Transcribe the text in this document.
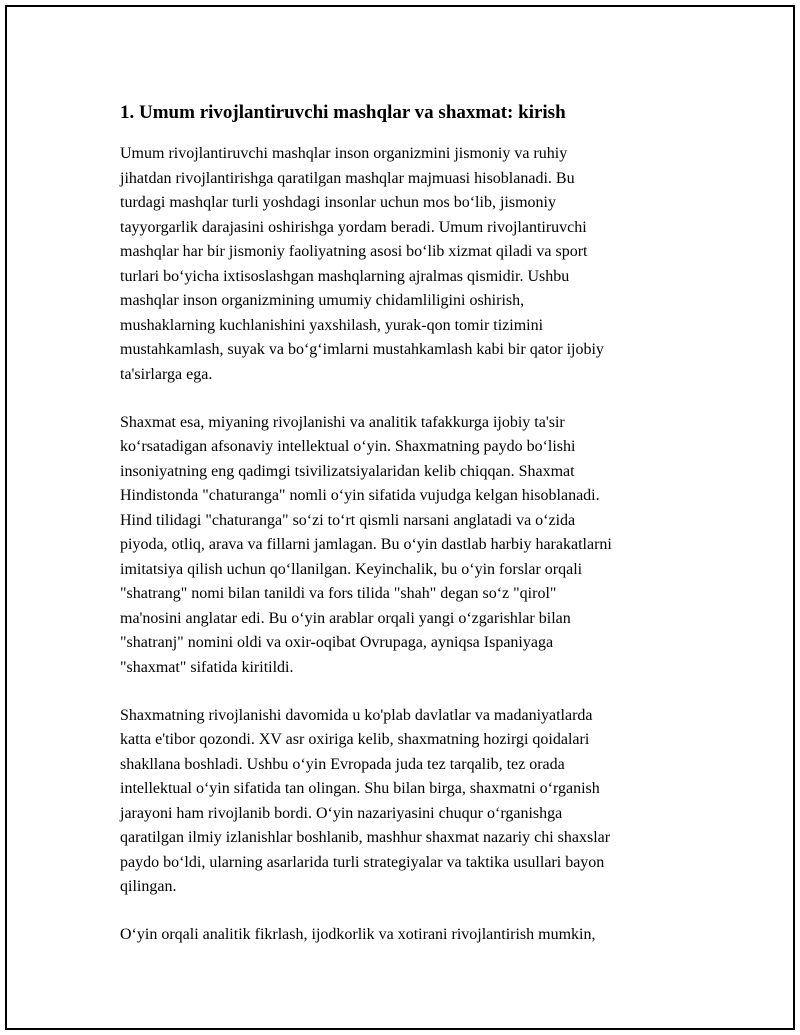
1. Umum rivojlantiruvchi mashqlar va shaxmat: kirish

Umum rivojlantiruvchi mashqlar inson organizmini jismoniy va ruhiy
jihatdan rivojlantirishga qaratilgan mashqlar majmuasi hisoblanadi. Bu
turdagi mashqlar turli yoshdagi insonlar uchun mos bo‘lib, jismoniy
tayyorgarlik darajasini oshirishga yordam beradi. Umum rivojlantiruvchi
mashqlar har bir jismoniy faoliyatning asosi bo‘lib xizmat qiladi va sport
turlari bo‘yicha ixtisoslashgan mashqlarning ajralmas qismidir. Ushbu
mashqlar inson organizmining umumiy chidamliligini oshirish,
mushaklarning kuchlanishini yaxshilash, yurak-qon tomir tizimini
mustahkamlash, suyak va bo‘g‘imlarni mustahkamlash kabi bir qator ijobiy
ta'sirlarga ega.

Shaxmat esa, miyaning rivojlanishi va analitik tafakkurga ijobiy ta'sir
ko‘rsatadigan afsonaviy intellektual o‘yin. Shaxmatning paydo bo‘lishi
insoniyatning eng qadimgi tsivilizatsiyalaridan kelib chiqqan. Shaxmat
Hindistonda "chaturanga" nomli o‘yin sifatida vujudga kelgan hisoblanadi.
Hind tilidagi "chaturanga" so‘zi to‘rt qismli narsani anglatadi va o‘zida
piyoda, otliq, arava va fillarni jamlagan. Bu o‘yin dastlab harbiy harakatlarni
imitatsiya qilish uchun qo‘llanilgan. Keyinchalik, bu o‘yin forslar orqali
"shatrang" nomi bilan tanildi va fors tilida "shah" degan so‘z "qirol"
ma'nosini anglatar edi. Bu o‘yin arablar orqali yangi o‘zgarishlar bilan
"shatranj" nomini oldi va oxir-oqibat Ovrupaga, ayniqsa Ispaniyaga
"shaxmat" sifatida kiritildi.

Shaxmatning rivojlanishi davomida u ko'plab davlatlar va madaniyatlarda
katta e'tibor qozondi. XV asr oxiriga kelib, shaxmatning hozirgi qoidalari
shakllana boshladi. Ushbu o‘yin Evropada juda tez tarqalib, tez orada
intellektual o‘yin sifatida tan olingan. Shu bilan birga, shaxmatni o‘rganish
jarayoni ham rivojlanib bordi. O‘yin nazariyasini chuqur o‘rganishga
qaratilgan ilmiy izlanishlar boshlanib, mashhur shaxmat nazariy chi shaxslar
paydo bo‘ldi, ularning asarlarida turli strategiyalar va taktika usullari bayon
qilingan.

O‘yin orqali analitik fikrlash, ijodkorlik va xotirani rivojlantirish mumkin,
